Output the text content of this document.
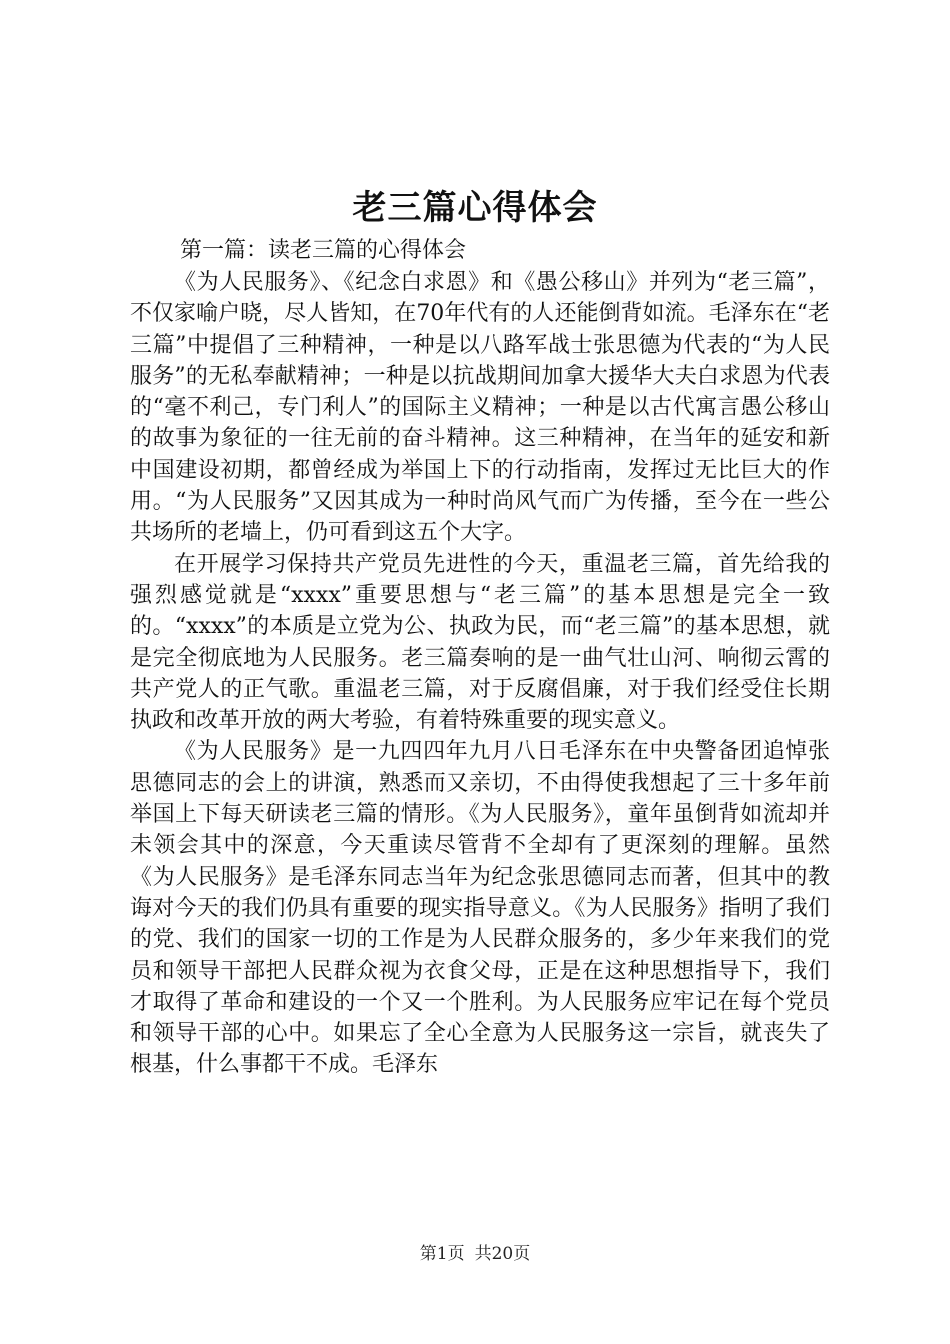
老三篇心得体会

第一篇：读老三篇的心得体会

《为人民服务》、《纪念白求恩》和《愚公移山》并列为“老三篇”，不仅家喻户晓，尽人皆知，在70年代有的人还能倒背如流。毛泽东在“老三篇”中提倡了三种精神，一种是以八路军战士张思德为代表的“为人民服务”的无私奉献精神；一种是以抗战期间加拿大援华大夫白求恩为代表的“毫不利己，专门利人”的国际主义精神；一种是以古代寓言愚公移山的故事为象征的一往无前的奋斗精神。这三种精神，在当年的延安和新中国建设初期，都曾经成为举国上下的行动指南，发挥过无比巨大的作用。“为人民服务”又因其成为一种时尚风气而广为传播，至今在一些公共场所的老墙上，仍可看到这五个大字。

在开展学习保持共产党员先进性的今天，重温老三篇，首先给我的强烈感觉就是“xxxx”重要思想与“老三篇”的基本思想是完全一致的。“xxxx”的本质是立党为公、执政为民，而“老三篇”的基本思想，就是完全彻底地为人民服务。老三篇奏响的是一曲气壮山河、响彻云霄的共产党人的正气歌。重温老三篇，对于反腐倡廉，对于我们经受住长期执政和改革开放的两大考验，有着特殊重要的现实意义。

《为人民服务》是一九四四年九月八日毛泽东在中央警备团追悼张思德同志的会上的讲演，熟悉而又亲切，不由得使我想起了三十多年前举国上下每天研读老三篇的情形。《为人民服务》，童年虽倒背如流却并未领会其中的深意，今天重读尽管背不全却有了更深刻的理解。虽然《为人民服务》是毛泽东同志当年为纪念张思德同志而著，但其中的教诲对今天的我们仍具有重要的现实指导意义。《为人民服务》指明了我们的党、我们的国家一切的工作是为人民群众服务的，多少年来我们的党员和领导干部把人民群众视为衣食父母，正是在这种思想指导下，我们才取得了革命和建设的一个又一个胜利。为人民服务应牢记在每个党员和领导干部的心中。如果忘了全心全意为人民服务这一宗旨，就丧失了根基，什么事都干不成。毛泽东

第1页 共20页
